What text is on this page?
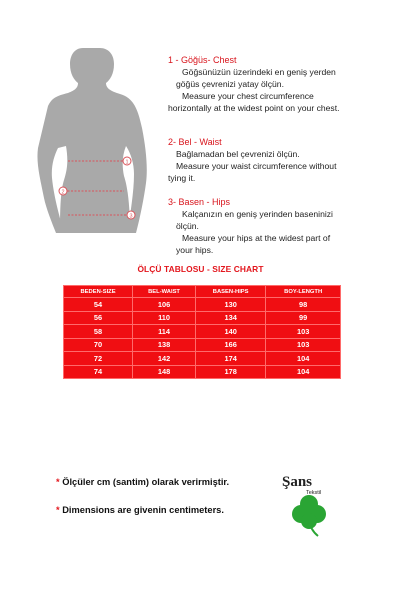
1
2
3

1 - Göğüs- Chest

Göğsünüzün üzerindeki en geniş yerden

göğüs çevrenizi yatay ölçün.

Measure your chest circumference

horizontally at the widest point on your chest.

2- Bel - Waist

Bağlamadan bel çevrenizi ölçün.

Measure your waist circumference without

tying it.

3- Basen - Hips

Kalçanızın en geniş yerinden baseninizi

ölçün.

Measure your hips at the widest part of

your hips.

ÖLÇÜ TABLOSU - SIZE CHART
BEDEN-SIZE	BEL-WAIST	BASEN-HIPS	BOY-LENGTH
54	106	130	98
56	110	134	99
58	114	140	103
70	138	166	103
72	142	174	104
74	148	178	104
* Ölçüler cm (santim) olarak verirmiştir.
* Dimensions are givenin centimeters.
Şans
Tekstil
